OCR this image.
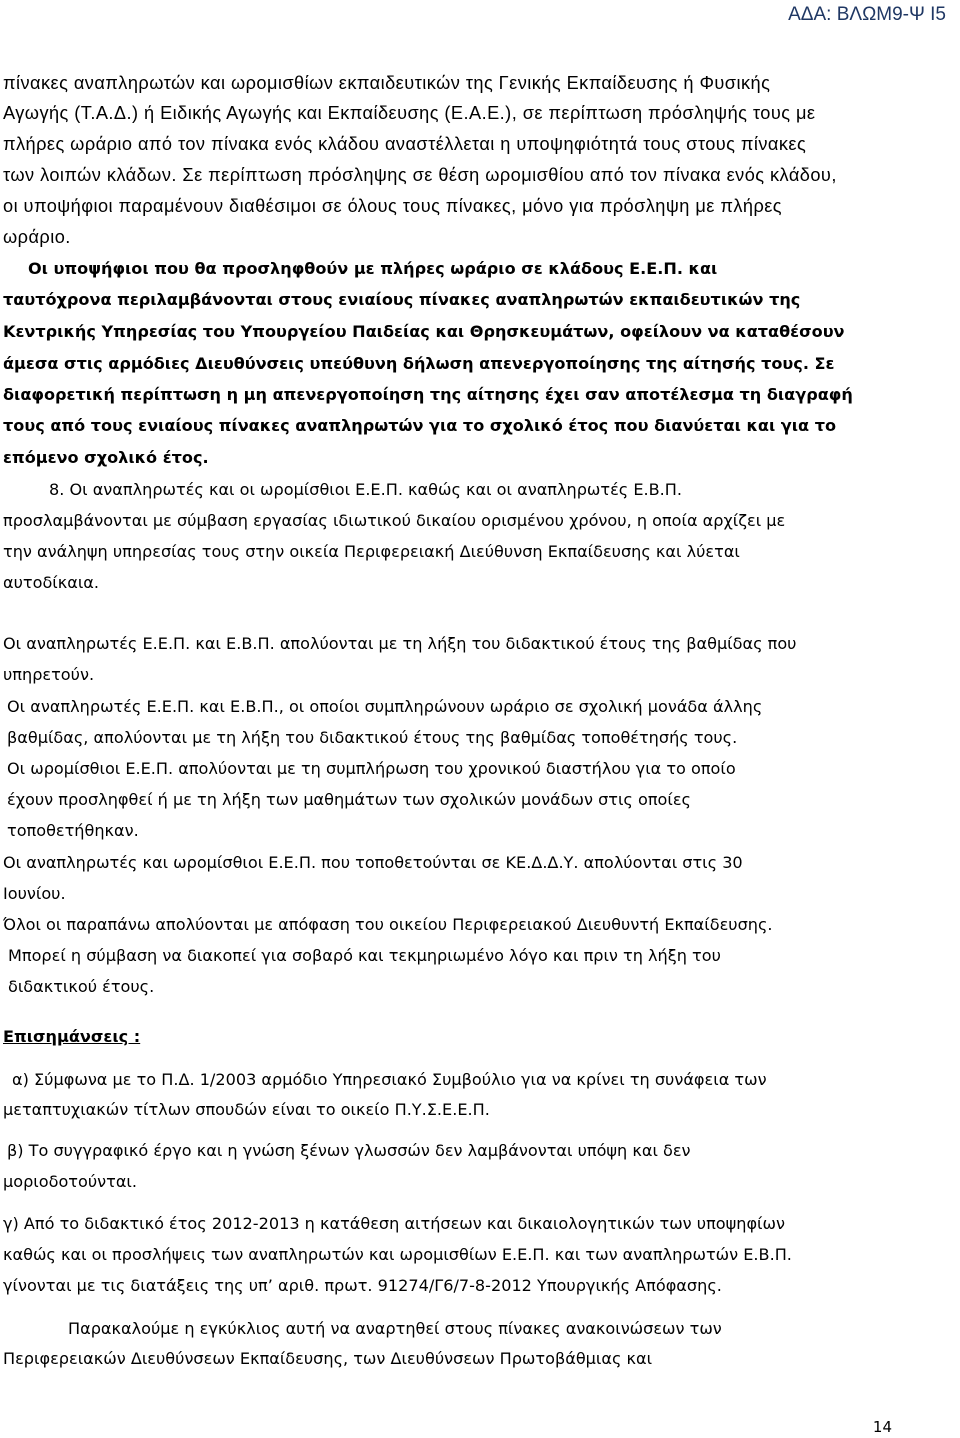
ΑΔΑ: ΒΛΩΜ9-Ψ Ι5
πίνακες αναπληρωτών και ωρομισθίων εκπαιδευτικών της Γενικής Εκπαίδευσης ή Φυσικής
Αγωγής (Τ.Α.Δ.) ή Ειδικής Αγωγής και Εκπαίδευσης (Ε.Α.Ε.), σε περίπτωση πρόσληψής τους με
πλήρες ωράριο από τον πίνακα ενός κλάδου αναστέλλεται η υποψηφιότητά τους στους πίνακες
των λοιπών κλάδων. Σε περίπτωση πρόσληψης σε θέση ωρομισθίου από τον πίνακα ενός κλάδου,
οι υποψήφιοι παραμένουν διαθέσιμοι σε όλους τους πίνακες, μόνο για πρόσληψη με πλήρες
ωράριο.
Οι υποψήφιοι που θα προσληφθούν με πλήρες ωράριο σε κλάδους Ε.Ε.Π. και
ταυτόχρονα περιλαμβάνονται στους ενιαίους πίνακες αναπληρωτών εκπαιδευτικών της
Κεντρικής Υπηρεσίας του Υπουργείου Παιδείας και Θρησκευμάτων, οφείλουν να καταθέσουν
άμεσα στις αρμόδιες Διευθύνσεις υπεύθυνη δήλωση απενεργοποίησης της αίτησής τους. Σε
διαφορετική περίπτωση η μη απενεργοποίηση της αίτησης έχει σαν αποτέλεσμα τη διαγραφή
τους από τους ενιαίους πίνακες αναπληρωτών για το σχολικό έτος που διανύεται και για το
επόμενο σχολικό έτος.
8. Οι αναπληρωτές και οι ωρομίσθιοι Ε.Ε.Π. καθώς και οι αναπληρωτές Ε.Β.Π.
προσλαμβάνονται με σύμβαση εργασίας ιδιωτικού δικαίου ορισμένου χρόνου, η οποία αρχίζει με
την ανάληψη υπηρεσίας τους στην οικεία Περιφερειακή Διεύθυνση Εκπαίδευσης και λύεται
αυτοδίκαια.
Οι αναπληρωτές Ε.Ε.Π. και Ε.Β.Π. απολύονται με τη λήξη του διδακτικού έτους της βαθμίδας που
υπηρετούν.
Οι αναπληρωτές Ε.Ε.Π. και Ε.Β.Π., οι οποίοι συμπληρώνουν ωράριο σε σχολική μονάδα άλλης
βαθμίδας, απολύονται με τη λήξη του διδακτικού έτους της βαθμίδας τοποθέτησής τους.
Οι ωρομίσθιοι Ε.Ε.Π. απολύονται με τη συμπλήρωση του χρονικού διαστήλου για το οποίο
έχουν προσληφθεί ή με τη λήξη των μαθημάτων των σχολικών μονάδων στις οποίες
τοποθετήθηκαν.
Οι αναπληρωτές και ωρομίσθιοι Ε.Ε.Π. που τοποθετούνται σε ΚΕ.Δ.Δ.Υ. απολύονται στις 30
Ιουνίου.
Όλοι οι παραπάνω απολύονται με απόφαση του οικείου Περιφερειακού Διευθυντή Εκπαίδευσης.
Μπορεί η σύμβαση να διακοπεί για σοβαρό και τεκμηριωμένο λόγο και πριν τη λήξη του
διδακτικού έτους.
Επισημάνσεις :
α) Σύμφωνα με το Π.Δ. 1/2003 αρμόδιο Υπηρεσιακό Συμβούλιο για να κρίνει τη συνάφεια των
μεταπτυχιακών τίτλων σπουδών είναι το οικείο Π.Υ.Σ.Ε.Ε.Π.
β) Το συγγραφικό έργο και η γνώση ξένων γλωσσών δεν λαμβάνονται υπόψη και δεν
μοριοδοτούνται.
γ) Από το διδακτικό έτος 2012-2013 η κατάθεση αιτήσεων και δικαιολογητικών των υποψηφίων
καθώς και οι προσλήψεις των αναπληρωτών και ωρομισθίων Ε.Ε.Π. και των αναπληρωτών Ε.Β.Π.
γίνονται με τις διατάξεις της υπ’ αριθ. πρωτ. 91274/Γ6/7-8-2012 Υπουργικής Απόφασης.
Παρακαλούμε η εγκύκλιος αυτή να αναρτηθεί στους πίνακες ανακοινώσεων των
Περιφερειακών Διευθύνσεων Εκπαίδευσης, των Διευθύνσεων Πρωτοβάθμιας και
14
